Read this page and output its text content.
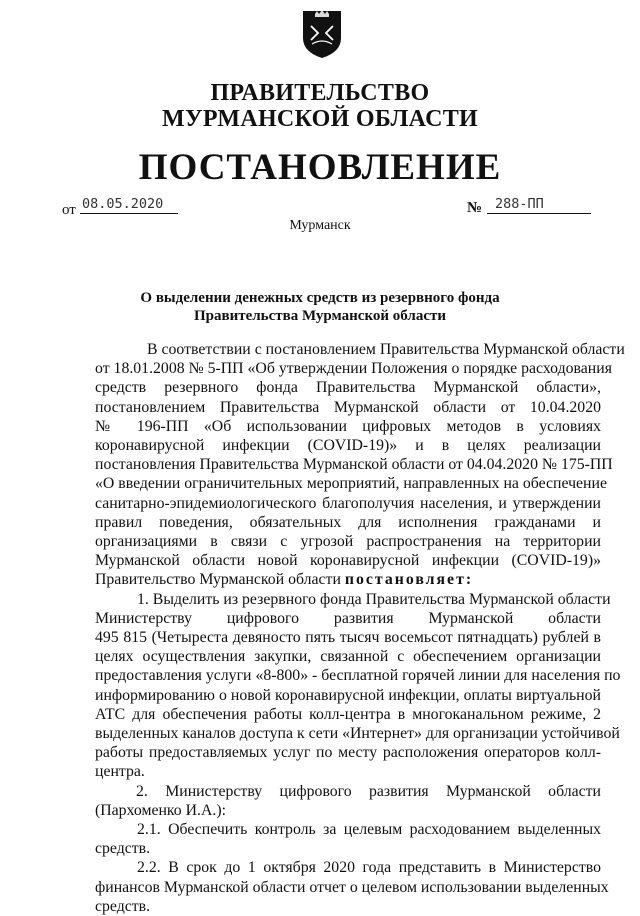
ПРАВИТЕЛЬСТВО
МУРМАНСКОЙ ОБЛАСТИ
ПОСТАНОВЛЕНИЕ
от 08.05.2020	№ 288-ПП
Мурманск
О выделении денежных средств из резервного фонда
Правительства Мурманской области
В соответствии с постановлением Правительства Мурманской области
от 18.01.2008 № 5-ПП «Об утверждении Положения о порядке расходования
средств резервного фонда Правительства Мурманской области»,
постановлением Правительства Мурманской области от 10.04.2020
№ 196-ПП «Об использовании цифровых методов в условиях
коронавирусной инфекции (COVID-19)» и в целях реализации
постановления Правительства Мурманской области от 04.04.2020 № 175-ПП
«О введении ограничительных мероприятий, направленных на обеспечение
санитарно-эпидемиологического благополучия населения, и утверждении
правил поведения, обязательных для исполнения гражданами и
организациями в связи с угрозой распространения на территории
Мурманской области новой коронавирусной инфекции (COVID-19)»
Правительство Мурманской области постановляет:
1. Выделить из резервного фонда Правительства Мурманской области
Министерству цифрового развития Мурманской области
495 815 (Четыреста девяносто пять тысяч восемьсот пятнадцать) рублей в
целях осуществления закупки, связанной с обеспечением организации
предоставления услуги «8-800» - бесплатной горячей линии для населения по
информированию о новой коронавирусной инфекции, оплаты виртуальной
АТС для обеспечения работы колл-центра в многоканальном режиме, 2
выделенных каналов доступа к сети «Интернет» для организации устойчивой
работы предоставляемых услуг по месту расположения операторов колл-
центра.
2. Министерству цифрового развития Мурманской области
(Пархоменко И.А.):
2.1. Обеспечить контроль за целевым расходованием выделенных
средств.
2.2. В срок до 1 октября 2020 года представить в Министерство
финансов Мурманской области отчет о целевом использовании выделенных
средств.
